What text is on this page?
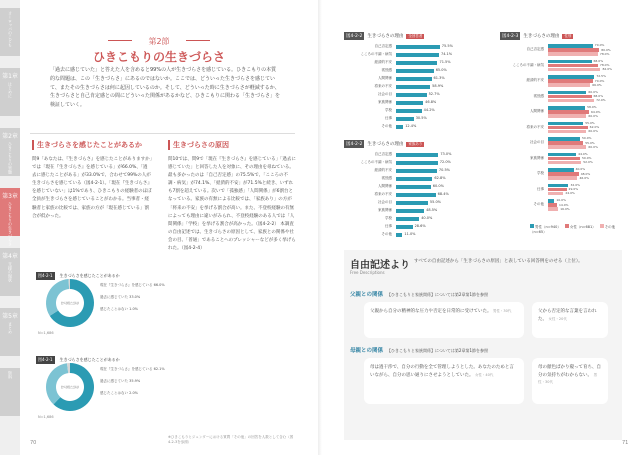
ヨーロッパのこども
第1章
はじめに
第2章
ひきこもりの実態
第3章
ひきこもりの生きづらさ
第4章
支援の現状
第5章
まとめ
資料
第2節
ひきこもりの生きづらさ
「過去に感じていた」と答えた人を含めると99%の人が生きづらさを感じている。ひきこもりの本質的な問題は、この「生きづらさ」にあるのではないか。ここでは、どういった生きづらさを感じていて、またその生きづらさは何に起因しているのか。そして、どういった時に生きづらさが軽減するか、生きづらさと自己肯定感との間にどういった関係があるかなど、ひきこもりに関わる「生きづらさ」を検証していく。
生きづらさを感じたことがあるか
問9「あなたは、『生きづらさ』を感じたことがありますか」では「現在『生きづらさ』を感じている」が66.0%、「過去に感じたことがある」が33.0%で、合わせて99%の人が生きづらさを感じている（図4-2-1）。「現在『生きづらさ』を感じていない」は1%であり、ひきこもりの経験者のほぼ全員が生きづらさを感じていることがわかる。当事者・経験者と家族の比較では、家族の方が「現在感じている」割合が低かった。
生きづらさの原因
問10では、問9で「現在『生きづらさ』を感じている」「過去に感じていた」と回答した人を対象に、その理由を尋ねている。最も多かったのは「自己否定感」の75.5%で、「こころの不調・病気」が74.1%、「経済的不安」が71.5%と続き、いずれも7割を超えている。次いで「孤独感」「人間関係」が6割台となっている。家族の有無による比較では、「家族あり」の方が「将来の不安」を挙げる割合が高い。また、不登校経験の有無によっても理由に違いがみられ、不登校経験のある人では「人間関係」「学校」を挙げる割合が高かった。（図4-2-2） 本調査の自由記述では、生きづらさの原因として、家族との関係や社会の目、「普通」であることへのプレッシャーなどが多く挙げられた。（図4-2-4）
※ひきこもりとジェンダーにおける質問「その他」の回答を人数として含む（図4-2-3を参照）
図4-2-1 生きづらさを感じたことがあるか
生きづらさを感じたことがあるか
現在『生きづらさ』を感じている 66.0%
過去に感じていた 33.0%
感じたことはない 1.0%
N=1,686
図4-2-1 生きづらさを感じたことがあるか
生きづらさを感じたことがあるか
現在『生きづらさ』を感じている 62.1%
過去に感じていた 35.9%
感じたことはない 2.0%
N=1,686
70
図4-2-2 生きづらさの理由 全回答者
自己否定感	75.5%
こころの不調・病気	74.1%
経済的不安	71.5%
孤独感	65.0%
人間関係	61.3%
将来の不安	58.9%
社会の目	52.7%
家族関係	46.8%
学校	44.2%
仕事	30.5%
その他	12.4%
図4-2-2 生きづらさの理由 家族あり
自己否定感	73.0%
こころの不調・病気	72.0%
経済的不安	70.5%
孤独感	62.8%
人間関係	60.0%
将来の不安	68.4%
社会の目	55.0%
家族関係	48.5%
学校	40.0%
仕事	28.6%
その他	11.0%
図4-2-3 生きづらさの理由 性別
自己否定感
70.0%
80.0%
78.0%
こころの不調・病気
68.0%
78.0%
82.0%
経済的不安
72.5%
70.0%
66.0%
孤独感
60.0%
68.0%
72.0%
人間関係
58.0%
64.0%
60.0%
将来の不安
55.0%
62.0%
60.0%
社会の目
50.0%
55.0%
60.0%
家族関係
44.0%
50.0%
52.0%
学校
40.0%
48.0%
46.0%
仕事
32.0%
29.0%
24.0%
その他
10.0%
14.0%
16.0%
男性（n=940）	女性（n=681）	その他（n=65）
自由記述より
Free Descriptions
すべての自由記述から「生きづらさの原因」と表している回答例をのせる（上位）。
父親との関係 【ひきこもりと家族関係】については第2章第1節を参照
父親から自分の精神的な圧力や否定を日常的に受けていた。 男性・30代	父から否定的な言葉を言われた。 女性・20代
母親との関係 【ひきこもりと家族関係】については第2章第1節を参照
母は過干渉で、自分の行動を全て管理しようとした。あなたのためと言いながら、自分の思い通りにさせようとしていた。 女性・40代
母の顔色ばかり窺って育ち、自分の気持ちがわからない。 男性・30代
71
